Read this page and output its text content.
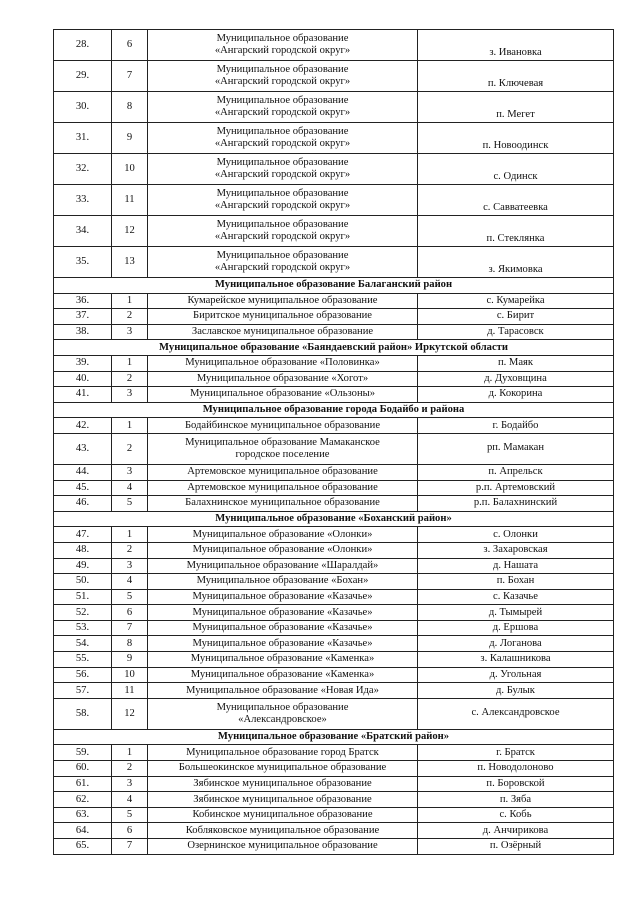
28.	6	Муниципальное образование
«Ангарский городской округ»	з. Ивановка
29.	7	Муниципальное образование
«Ангарский городской округ»	п. Ключевая
30.	8	Муниципальное образование
«Ангарский городской округ»	п. Мегет
31.	9	Муниципальное образование
«Ангарский городской округ»	п. Новоодинск
32.	10	Муниципальное образование
«Ангарский городской округ»	с. Одинск
33.	11	Муниципальное образование
«Ангарский городской округ»	с. Савватеевка
34.	12	Муниципальное образование
«Ангарский городской округ»	п. Стеклянка
35.	13	Муниципальное образование
«Ангарский городской округ»	з. Якимовка
Муниципальное образование Балаганский район			
36.	1	Кумарейское муниципальное образование	с. Кумарейка
37.	2	Биритское муниципальное образование	с. Бирит
38.	3	Заславское муниципальное образование	д. Тарасовск
Муниципальное образование «Баяндаевский район» Иркутской области			
39.	1	Муниципальное образование «Половинка»	п. Маяк
40.	2	Муниципальное образование «Хогот»	д. Духовщина
41.	3	Муниципальное образование «Ользоны»	д. Кокорина
Муниципальное образование города Бодайбо и района			
42.	1	Бодайбинское муниципальное образование	г. Бодайбо
43.	2	Муниципальное образование Мамаканское
городское поселение	рп. Мамакан
44.	3	Артемовское муниципальное образование	п. Апрельск
45.	4	Артемовское муниципальное образование	р.п. Артемовский
46.	5	Балахнинское муниципальное образование	р.п. Балахнинский
Муниципальное образование «Боханский район»			
47.	1	Муниципальное образование «Олонки»	с. Олонки
48.	2	Муниципальное образование «Олонки»	з. Захаровская
49.	3	Муниципальное образование «Шаралдай»	д. Нашата
50.	4	Муниципальное образование «Бохан»	п. Бохан
51.	5	Муниципальное образование «Казачье»	с. Казачье
52.	6	Муниципальное образование «Казачье»	д. Тымырей
53.	7	Муниципальное образование «Казачье»	д. Ершова
54.	8	Муниципальное образование «Казачье»	д. Логанова
55.	9	Муниципальное образование «Каменка»	з. Калашникова
56.	10	Муниципальное образование «Каменка»	д. Угольная
57.	11	Муниципальное образование «Новая Ида»	д. Булык
58.	12	Муниципальное образование
«Александровское»	с. Александровское
Муниципальное образование «Братский район»			
59.	1	Муниципальное образование город Братск	г. Братск
60.	2	Большеокинское муниципальное образование	п. Новодолоново
61.	3	Зябинское муниципальное образование	п. Боровской
62.	4	Зябинское муниципальное образование	п. Зяба
63.	5	Кобинское муниципальное образование	с. Кобь
64.	6	Кобляковское муниципальное образование	д. Анчирикова
65.	7	Озернинское муниципальное образование	п. Озёрный
